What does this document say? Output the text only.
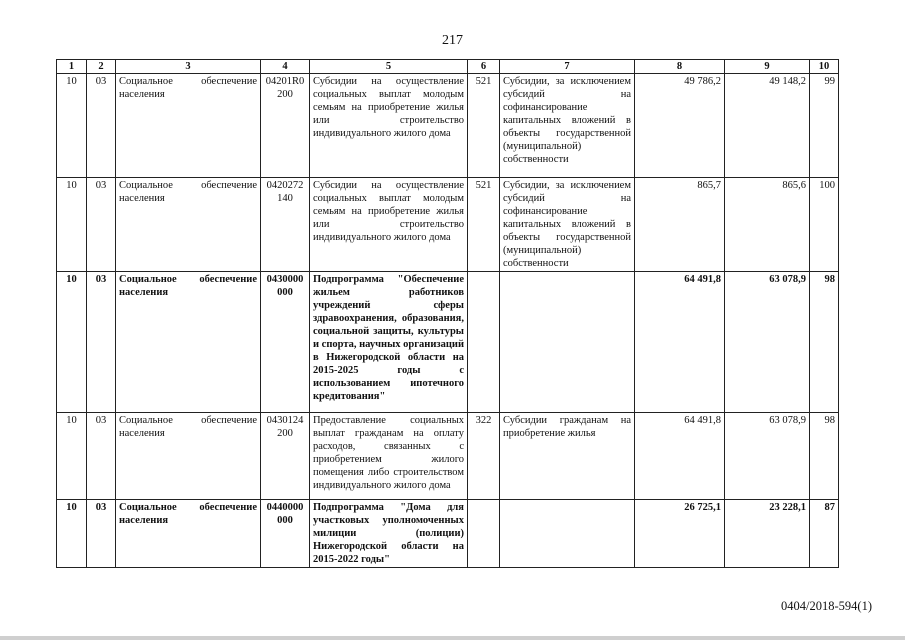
217
1	2	3	4	5	6	7	8	9	10
10	03	Социальное обеспечение населения	04201R0 200	Субсидии на осуществление социальных выплат молодым семьям на приобретение жилья или строительство индивидуального жилого дома	521	Субсидии, за исключением субсидий на софинансирование капитальных вложений в объекты государственной (муниципальной) собственности	49 786,2	49 148,2	99
10	03	Социальное обеспечение населения	0420272 140	Субсидии на осуществление социальных выплат молодым семьям на приобретение жилья или строительство индивидуального жилого дома	521	Субсидии, за исключением субсидий на софинансирование капитальных вложений в объекты государственной (муниципальной) собственности	865,7	865,6	100
10	03	Социальное обеспечение населения	0430000 000	Подпрограмма "Обеспечение жильем работников учреждений сферы здравоохранения, образования, социальной защиты, культуры и спорта, научных организаций в Нижегородской области на 2015-2025 годы с использованием ипотечного кредитования"			64 491,8	63 078,9	98
10	03	Социальное обеспечение населения	0430124 200	Предоставление социальных выплат гражданам на оплату расходов, связанных с приобретением жилого помещения либо строительством индивидуального жилого дома	322	Субсидии гражданам на приобретение жилья	64 491,8	63 078,9	98
10	03	Социальное обеспечение населения	0440000 000	Подпрограмма "Дома для участковых уполномоченных милиции (полиции) Нижегородской области на 2015-2022 годы"			26 725,1	23 228,1	87
0404/2018-594(1)
